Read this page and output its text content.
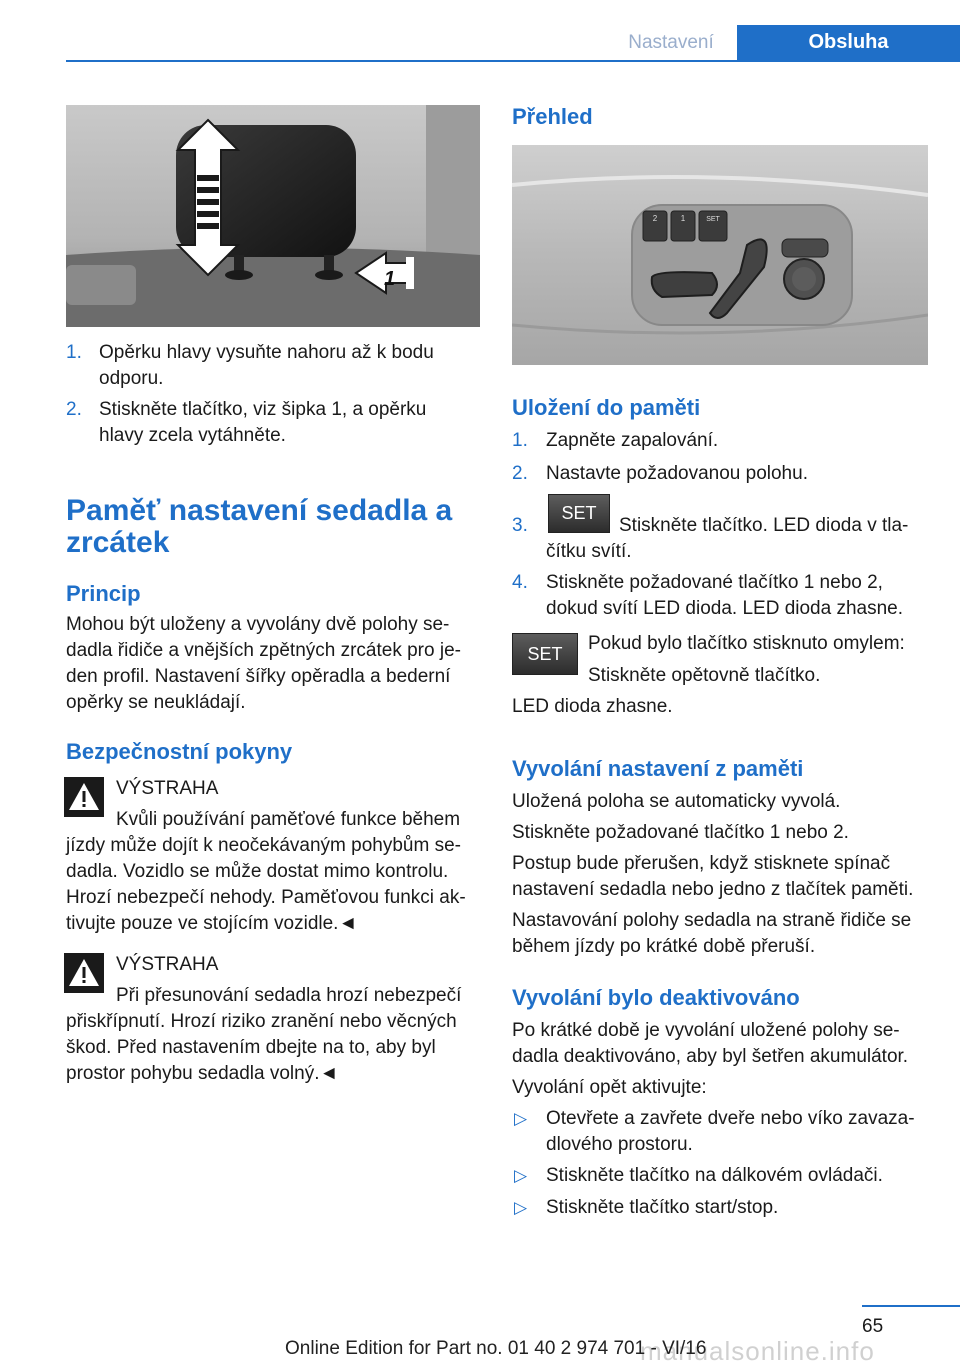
Nastavení	Obsluha
1
1. Opěrku hlavy vysuňte nahoru až k bodu
odporu.
2. Stiskněte tlačítko, viz šipka 1, a opěrku
hlavy zcela vytáhněte.
Paměť nastavení sedadla a
zrcátek
Princip
Mohou být uloženy a vyvolány dvě polohy se‐
dadla řidiče a vnějších zpětných zrcátek pro je‐
den profil. Nastavení šířky opěradla a bederní
opěrky se neukládají.
Bezpečnostní pokyny
VÝSTRAHA
Kvůli používání paměťové funkce během
jízdy může dojít k neočekávaným pohybům se‐
dadla. Vozidlo se může dostat mimo kontrolu.
Hrozí nebezpečí nehody. Paměťovou funkci ak‐
tivujte pouze ve stojícím vozidle.◄
VÝSTRAHA
Při přesunování sedadla hrozí nebezpečí
přiskřípnutí. Hrozí riziko zranění nebo věcných
škod. Před nastavením dbejte na to, aby byl
prostor pohybu sedadla volný.◄
Přehled
2	1	SET
Uložení do paměti
1. Zapněte zapalování.
2. Nastavte požadovanou polohu.
3.
SET
Stiskněte tlačítko. LED dioda v tla‐
čítku svítí.
4. Stiskněte požadované tlačítko 1 nebo 2,
dokud svítí LED dioda. LED dioda zhasne.
SET	Pokud bylo tlačítko stisknuto omylem:
Stiskněte opětovně tlačítko.
LED dioda zhasne.
Vyvolání nastavení z paměti
Uložená poloha se automaticky vyvolá.
Stiskněte požadované tlačítko 1 nebo 2.
Postup bude přerušen, když stisknete spínač
nastavení sedadla nebo jedno z tlačítek paměti.
Nastavování polohy sedadla na straně řidiče se
během jízdy po krátké době přeruší.
Vyvolání bylo deaktivováno
Po krátké době je vyvolání uložené polohy se‐
dadla deaktivováno, aby byl šetřen akumulátor.
Vyvolání opět aktivujte:
▷ Otevřete a zavřete dveře nebo víko zavaza‐
dlového prostoru.
▷ Stiskněte tlačítko na dálkovém ovládači.
▷ Stiskněte tlačítko start/stop.
65
manualsonline.info
Online Edition for Part no. 01 40 2 974 701 - VI/16
